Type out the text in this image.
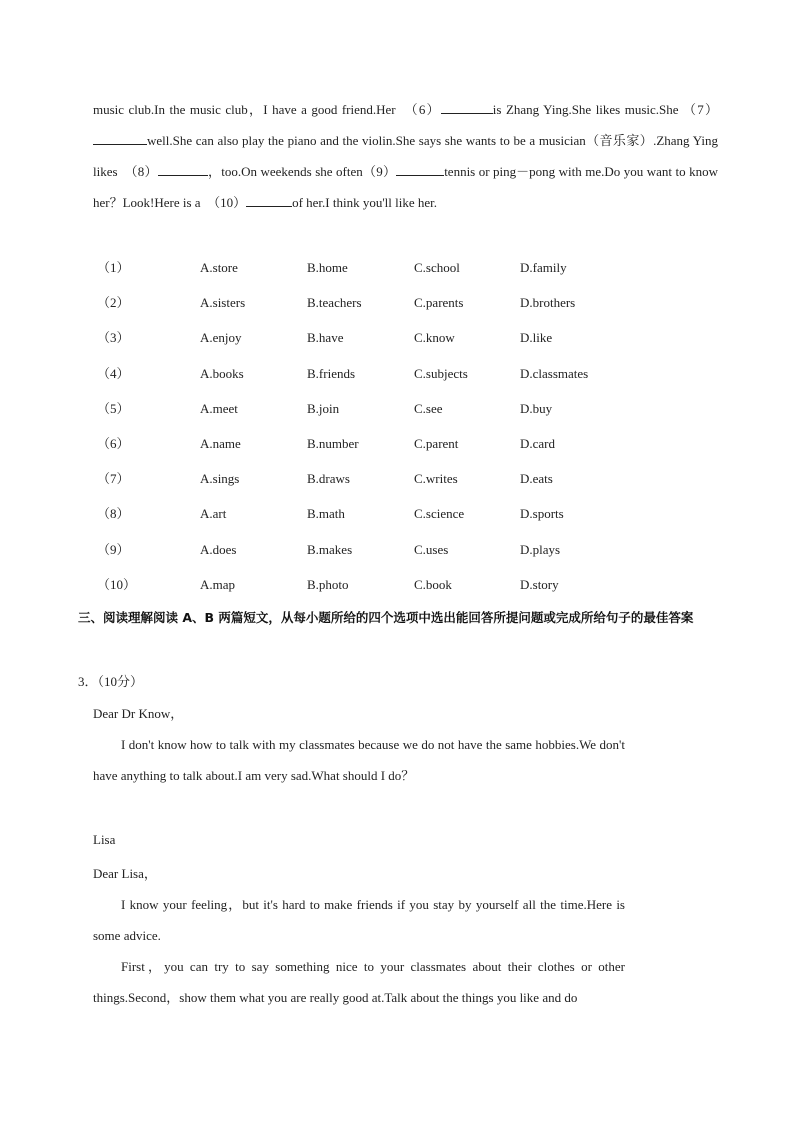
music club.In the music club，I have a good friend.Her　（6）	is Zhang Ying.She likes music.She （7）well.She can also play the piano and the violin.She says she wants to be a musician（音乐家）.Zhang Ying likes　（8）	，too.On weekends she often（9）	tennis or ping－pong with me.Do you want to know her？Look!Here is a　（10）	of her.I think you'll like her.
（1）	A.store	B.home	C.school	D.family
（2）	A.sisters	B.teachers	C.parents	D.brothers
（3）	A.enjoy	B.have	C.know	D.like
（4）	A.books	B.friends	C.subjects	D.classmates
（5）	A.meet	B.join	C.see	D.buy
（6）	A.name	B.number	C.parent	D.card
（7）	A.sings	B.draws	C.writes	D.eats
（8）	A.art	B.math	C.science	D.sports
（9）	A.does	B.makes	C.uses	D.plays
（10）	A.map	B.photo	C.book	D.story
三、阅读理解阅读 A、B 两篇短文，从每小题所给的四个选项中选出能回答所提问题或完成所给句子的最佳答案
3．（10分）
Dear Dr Know，
I don't know how to talk with my classmates because we do not have the same hobbies.We don't have anything to talk about.I am very sad.What should I do？
Lisa
Dear Lisa，
I know your feeling，but it's hard to make friends if you stay by yourself all the time.Here is some advice.
First，you can try to say something nice to your classmates about their clothes or other things.Second，show them what you are really good at.Talk about the things you like and do
